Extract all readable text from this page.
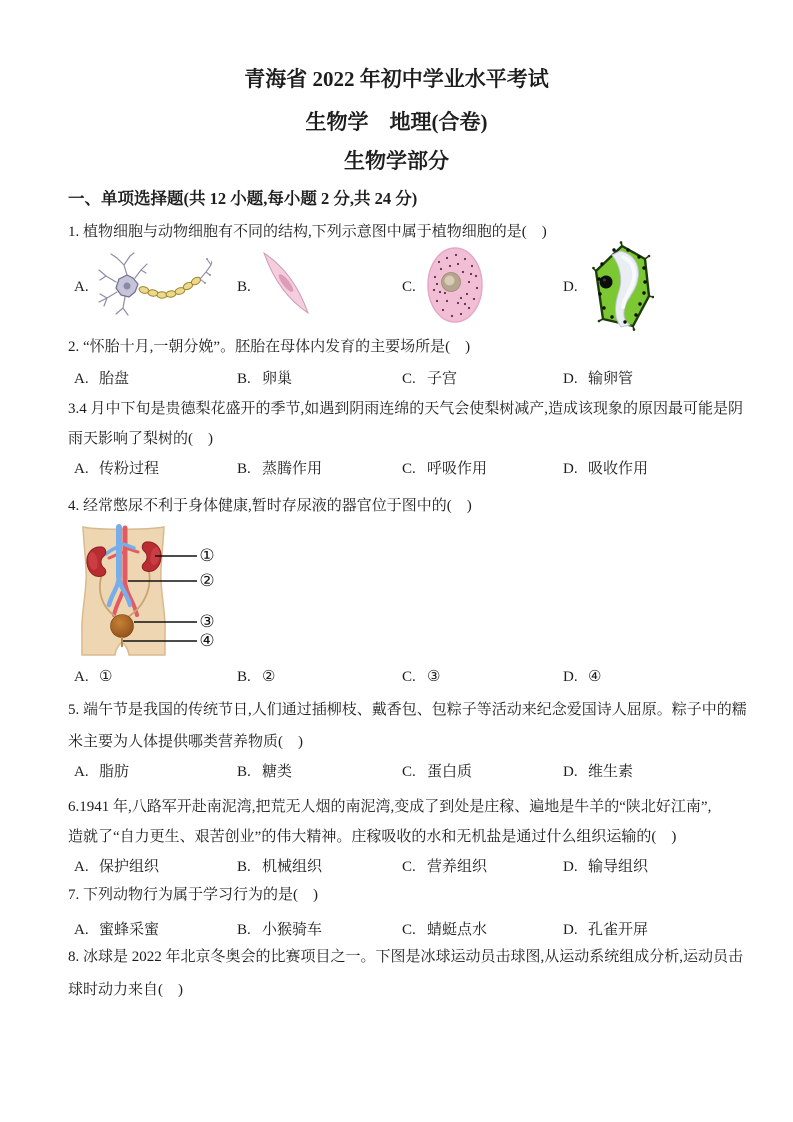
青海省 2022 年初中学业水平考试
生物学　地理(合卷)
生物学部分
一、单项选择题(共 12 小题,每小题 2 分,共 24 分)
1. 植物细胞与动物细胞有不同的结构,下列示意图中属于植物细胞的是(    )
A.	B.	C.	D.
2. “怀胎十月,一朝分娩”。胚胎在母体内发育的主要场所是(    )
A. 胎盘	B. 卵巢	C. 子宫	D. 输卵管
3.4 月中下旬是贵德梨花盛开的季节,如遇到阴雨连绵的天气会使梨树减产,造成该现象的原因最可能是阴
雨天影响了梨树的(    )
A. 传粉过程	B. 蒸腾作用	C. 呼吸作用	D. 吸收作用
4. 经常憋尿不利于身体健康,暂时存尿液的器官位于图中的(    )
①
②
③
④
A. ①	B. ②	C. ③	D. ④
5. 端午节是我国的传统节日,人们通过插柳枝、戴香包、包粽子等活动来纪念爱国诗人屈原。粽子中的糯
米主要为人体提供哪类营养物质(    )
A. 脂肪	B. 糖类	C. 蛋白质	D. 维生素
6.1941 年,八路军开赴南泥湾,把荒无人烟的南泥湾,变成了到处是庄稼、遍地是牛羊的“陕北好江南”,
造就了“自力更生、艰苦创业”的伟大精神。庄稼吸收的水和无机盐是通过什么组织运输的(    )
A. 保护组织	B. 机械组织	C. 营养组织	D. 输导组织
7. 下列动物行为属于学习行为的是(    )
A. 蜜蜂采蜜	B. 小猴骑车	C. 蜻蜓点水	D. 孔雀开屏
8. 冰球是 2022 年北京冬奥会的比赛项目之一。下图是冰球运动员击球图,从运动系统组成分析,运动员击
球时动力来自(    )
